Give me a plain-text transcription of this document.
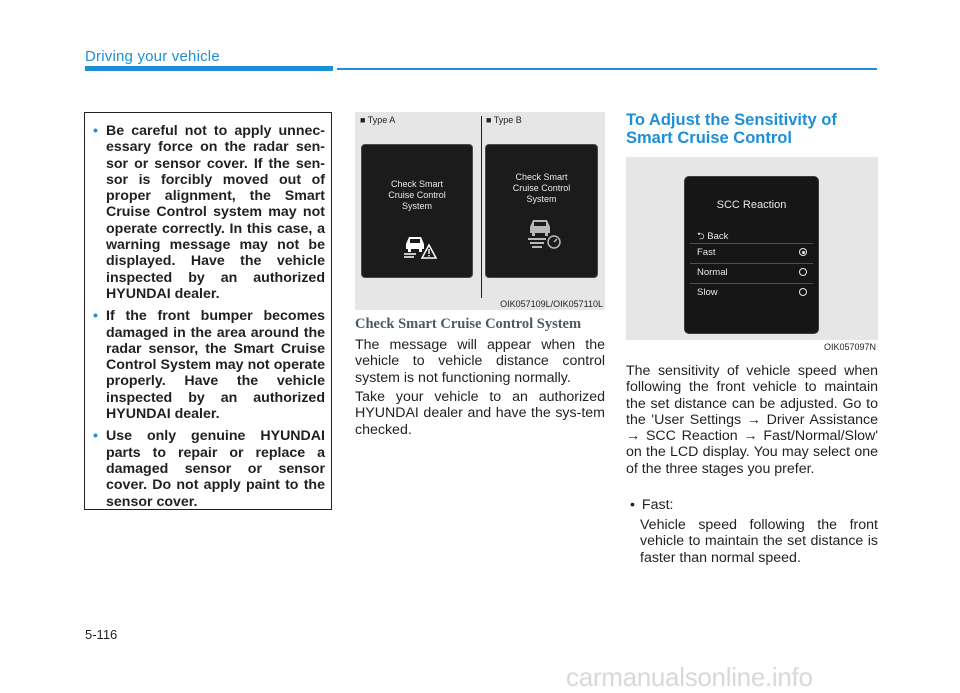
Driving your vehicle
• Be careful not to apply unnec-essary force on the radar sen-sor or sensor cover. If the sen-sor is forcibly moved out of proper alignment, the Smart Cruise Control system may not operate correctly. In this case, a warning message may not be displayed. Have the vehicle inspected by an authorized HYUNDAI dealer.
• If the front bumper becomes damaged in the area around the radar sensor, the Smart Cruise Control System may not operate properly. Have the vehicle inspected by an authorized HYUNDAI dealer.
• Use only genuine HYUNDAI parts to repair or replace a damaged sensor or sensor cover. Do not apply paint to the sensor cover.
■ Type A	■ Type B
Check Smart
Cruise Control
System
Check Smart
Cruise Control
System
OIK057109L/OIK057110L
Check Smart Cruise Control System
The message will appear when the vehicle to vehicle distance control system is not functioning normally.
Take your vehicle to an authorized HYUNDAI dealer and have the sys-tem checked.
To Adjust the Sensitivity of
Smart Cruise Control
SCC Reaction
⮌ Back
Fast
Normal
Slow
OIK057097N
The sensitivity of vehicle speed when following the front vehicle to maintain the set distance can be adjusted. Go to the 'User Settings → Driver Assistance → SCC Reaction → Fast/Normal/Slow' on the LCD display. You may select one of the three stages you prefer.
• Fast:
Vehicle speed following the front vehicle to maintain the set distance is faster than normal speed.
5-116
carmanualsonline.info
